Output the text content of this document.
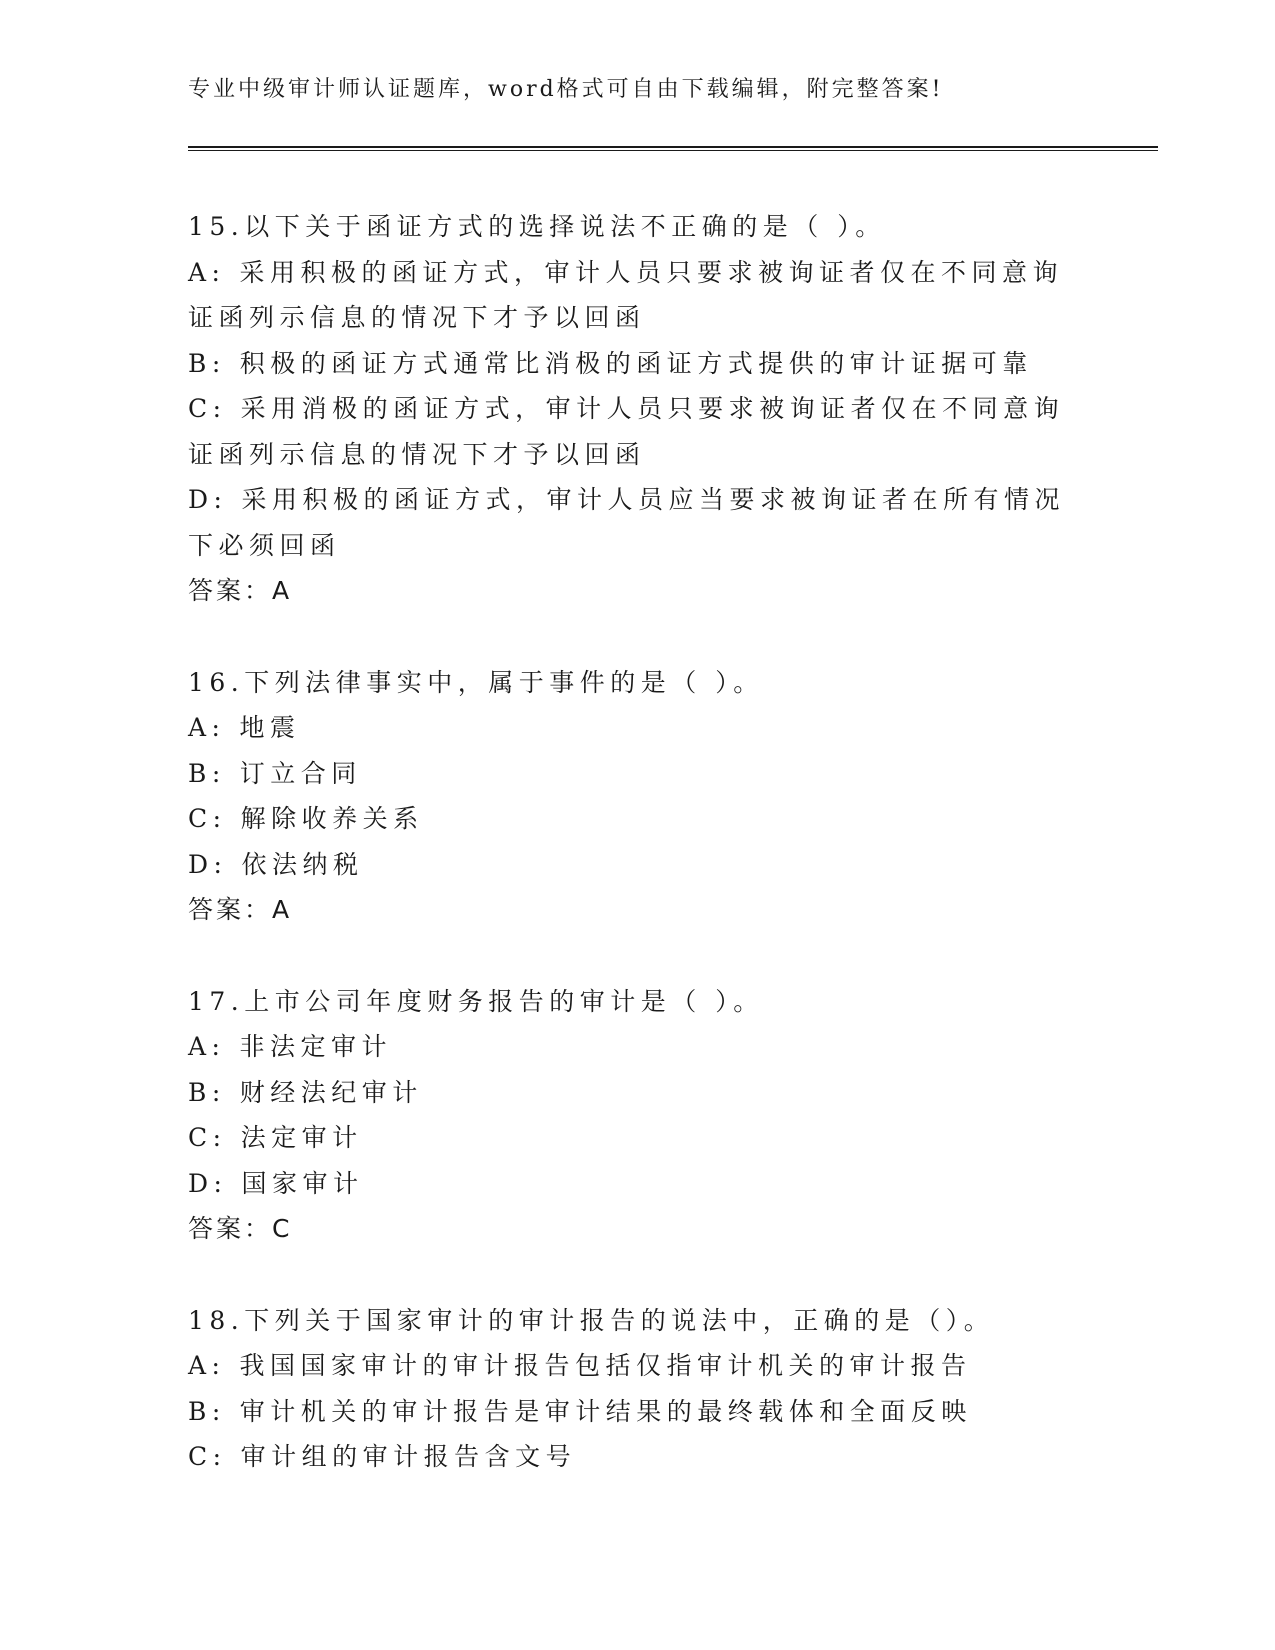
专业中级审计师认证题库，word格式可自由下载编辑，附完整答案!

15.以下关于函证方式的选择说法不正确的是（ ）。

A: 采用积极的函证方式，审计人员只要求被询证者仅在不同意询证函列示信息的情况下才予以回函

B: 积极的函证方式通常比消极的函证方式提供的审计证据可靠

C: 采用消极的函证方式，审计人员只要求被询证者仅在不同意询证函列示信息的情况下才予以回函

D: 采用积极的函证方式，审计人员应当要求被询证者在所有情况下必须回函

答案：A

16.下列法律事实中，属于事件的是（ ）。

A: 地震

B: 订立合同

C: 解除收养关系

D: 依法纳税

答案：A

17.上市公司年度财务报告的审计是（ ）。

A: 非法定审计

B: 财经法纪审计

C: 法定审计

D: 国家审计

答案：C

18.下列关于国家审计的审计报告的说法中，正确的是（）。

A: 我国国家审计的审计报告包括仅指审计机关的审计报告

B: 审计机关的审计报告是审计结果的最终载体和全面反映

C: 审计组的审计报告含文号
